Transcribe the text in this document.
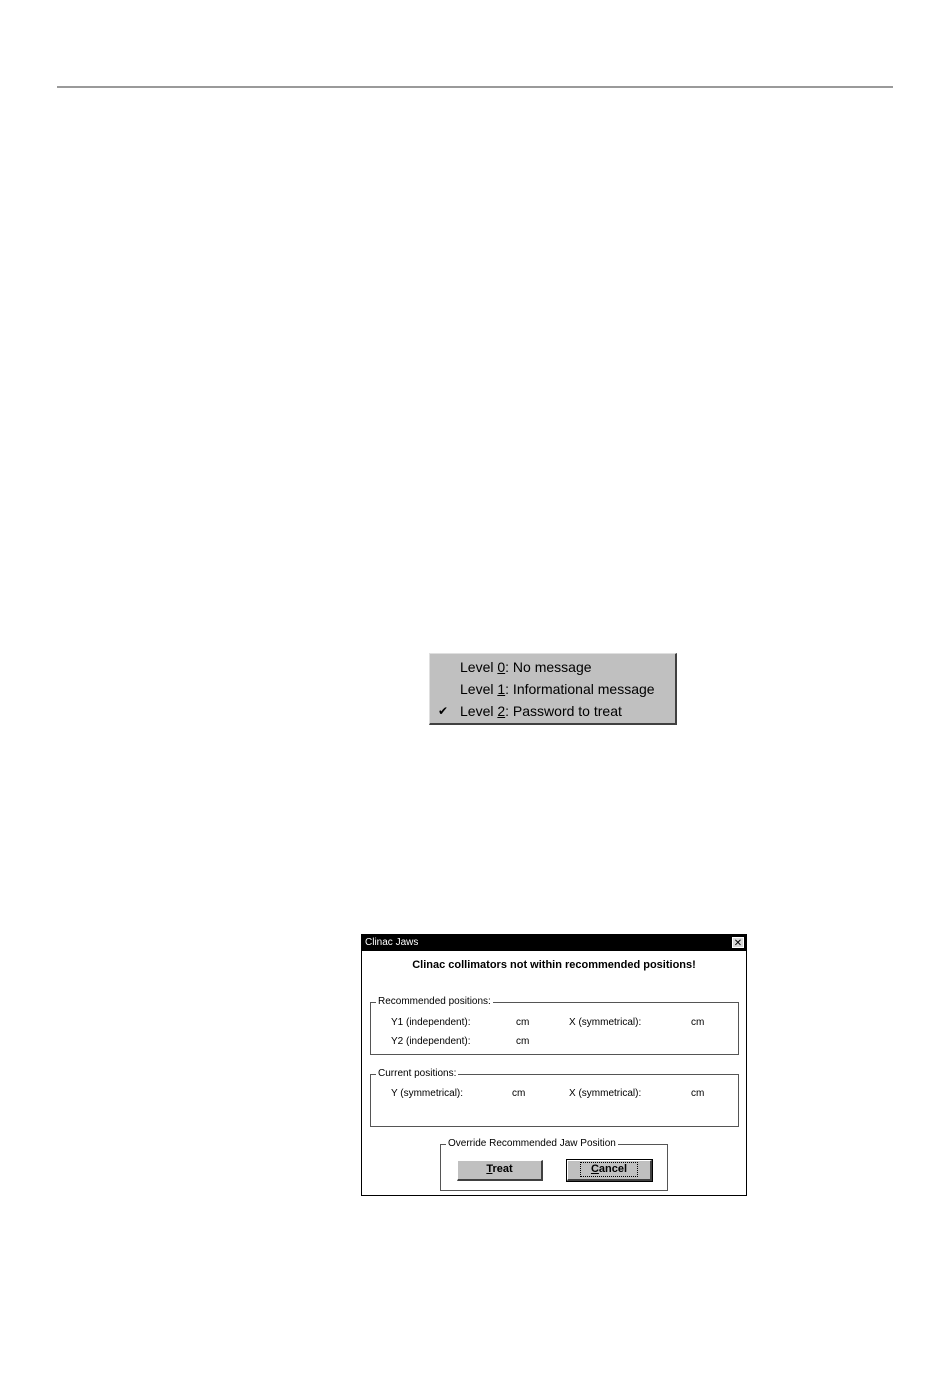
Level 0: No message
Level 1: Informational message
✔ Level 2: Password to treat
Clinac Jaws	✕
Clinac collimators not within recommended positions!
Recommended positions:
Y1 (independent):	cm	X (symmetrical):	cm
Y2 (independent):	cm
Current positions:
Y (symmetrical):	cm	X (symmetrical):	cm
Override Recommended Jaw Position
Treat	Cancel
